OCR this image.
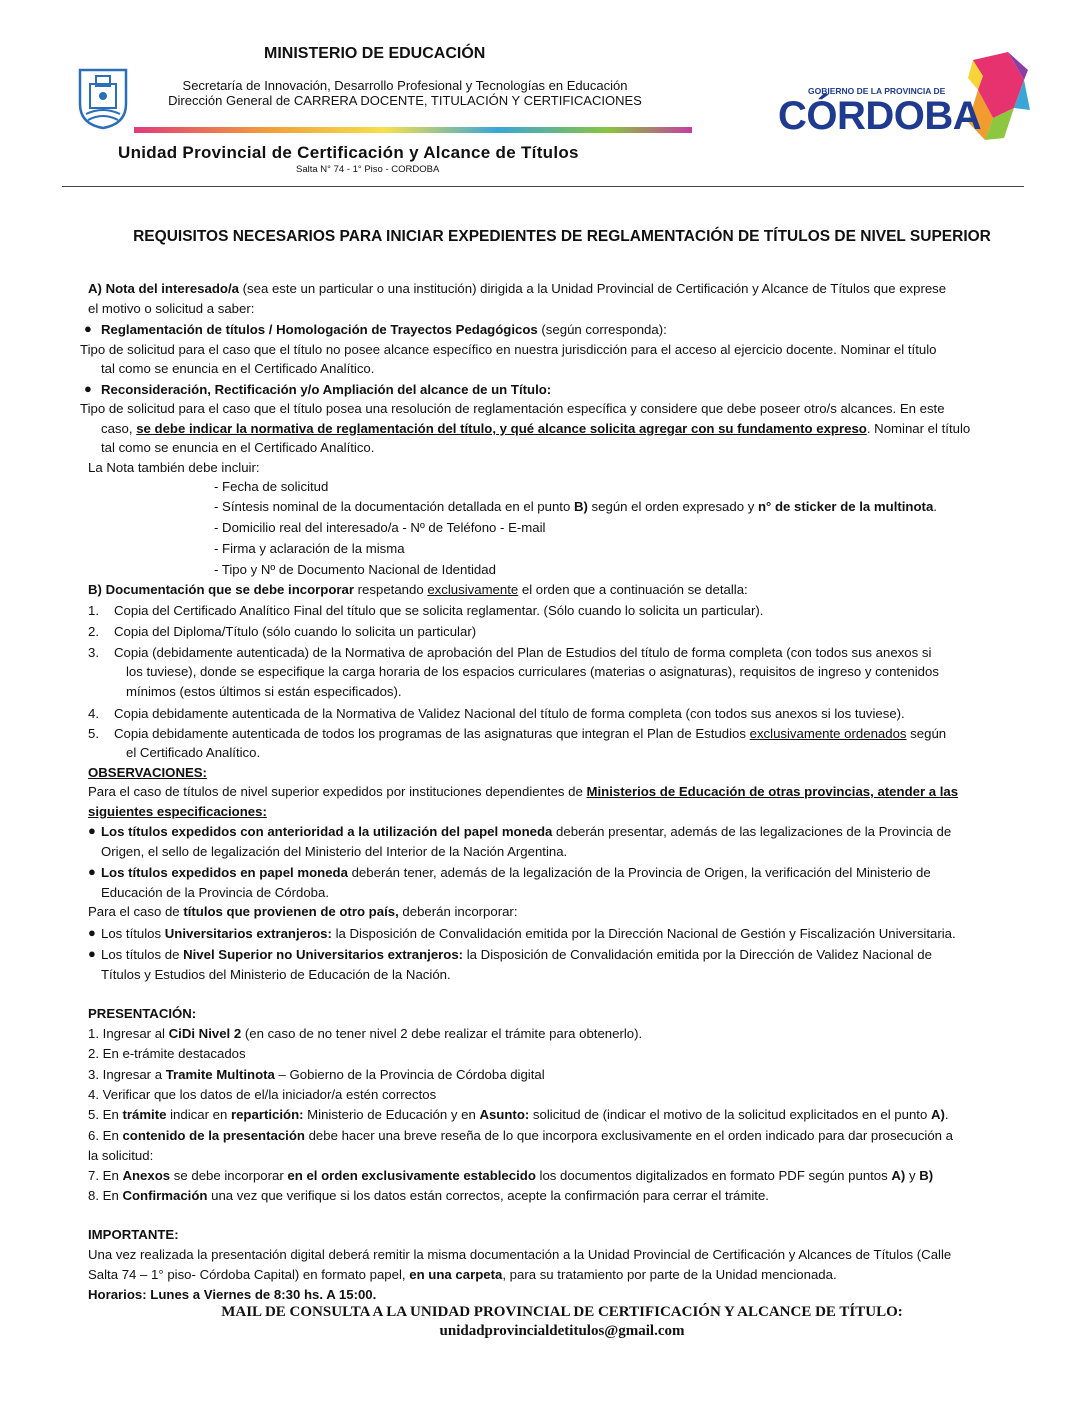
MINISTERIO DE EDUCACIÓN
Secretaría de Innovación, Desarrollo Profesional y Tecnologías en Educación
Dirección General de CARRERA DOCENTE, TITULACIÓN Y CERTIFICACIONES
Unidad Provincial de Certificación y Alcance de Títulos
Salta N° 74 - 1° Piso - CORDOBA
GOBIERNO DE LA PROVINCIA DE
CÓRDOBA
REQUISITOS NECESARIOS PARA INICIAR EXPEDIENTES DE REGLAMENTACIÓN DE TÍTULOS DE NIVEL SUPERIOR
A) Nota del interesado/a (sea este un particular o una institución) dirigida a la Unidad Provincial de Certificación y Alcance de Títulos que exprese
el motivo o solicitud a saber:
● Reglamentación de títulos / Homologación de Trayectos Pedagógicos (según corresponda):
Tipo de solicitud para el caso que el título no posee alcance específico en nuestra jurisdicción para el acceso al ejercicio docente. Nominar el título
tal como se enuncia en el Certificado Analítico.
● Reconsideración, Rectificación y/o Ampliación del alcance de un Título:
Tipo de solicitud para el caso que el título posea una resolución de reglamentación específica y considere que debe poseer otro/s alcances. En este
caso, se debe indicar la normativa de reglamentación del título, y qué alcance solicita agregar con su fundamento expreso. Nominar el título
tal como se enuncia en el Certificado Analítico.
La Nota también debe incluir:
- Fecha de solicitud
- Síntesis nominal de la documentación detallada en el punto B) según el orden expresado y n° de sticker de la multinota.
- Domicilio real del interesado/a - Nº de Teléfono - E-mail
- Firma y aclaración de la misma
- Tipo y Nº de Documento Nacional de Identidad
B) Documentación que se debe incorporar respetando exclusivamente el orden que a continuación se detalla:
1. Copia del Certificado Analítico Final del título que se solicita reglamentar. (Sólo cuando lo solicita un particular).
2. Copia del Diploma/Título (sólo cuando lo solicita un particular)
3. Copia (debidamente autenticada) de la Normativa de aprobación del Plan de Estudios del título de forma completa (con todos sus anexos si
los tuviese), donde se especifique la carga horaria de los espacios curriculares (materias o asignaturas), requisitos de ingreso y contenidos
mínimos (estos últimos si están especificados).
4. Copia debidamente autenticada de la Normativa de Validez Nacional del título de forma completa (con todos sus anexos si los tuviese).
5. Copia debidamente autenticada de todos los programas de las asignaturas que integran el Plan de Estudios exclusivamente ordenados según
el Certificado Analítico.
OBSERVACIONES:
Para el caso de títulos de nivel superior expedidos por instituciones dependientes de Ministerios de Educación de otras provincias, atender a las
siguientes especificaciones:
● Los títulos expedidos con anterioridad a la utilización del papel moneda deberán presentar, además de las legalizaciones de la Provincia de
Origen, el sello de legalización del Ministerio del Interior de la Nación Argentina.
● Los títulos expedidos en papel moneda deberán tener, además de la legalización de la Provincia de Origen, la verificación del Ministerio de
Educación de la Provincia de Córdoba.
Para el caso de títulos que provienen de otro país, deberán incorporar:
● Los títulos Universitarios extranjeros: la Disposición de Convalidación emitida por la Dirección Nacional de Gestión y Fiscalización Universitaria.
● Los títulos de Nivel Superior no Universitarios extranjeros: la Disposición de Convalidación emitida por la Dirección de Validez Nacional de
Títulos y Estudios del Ministerio de Educación de la Nación.
PRESENTACIÓN:
1. Ingresar al CiDi Nivel 2 (en caso de no tener nivel 2 debe realizar el trámite para obtenerlo).
2. En e-trámite destacados
3. Ingresar a Tramite Multinota – Gobierno de la Provincia de Córdoba digital
4. Verificar que los datos de el/la iniciador/a estén correctos
5. En trámite indicar en repartición: Ministerio de Educación y en Asunto: solicitud de (indicar el motivo de la solicitud explicitados en el punto A).
6. En contenido de la presentación debe hacer una breve reseña de lo que incorpora exclusivamente en el orden indicado para dar prosecución a
la solicitud:
7. En Anexos se debe incorporar en el orden exclusivamente establecido los documentos digitalizados en formato PDF según puntos A) y B)
8. En Confirmación una vez que verifique si los datos están correctos, acepte la confirmación para cerrar el trámite.
IMPORTANTE:
Una vez realizada la presentación digital deberá remitir la misma documentación a la Unidad Provincial de Certificación y Alcances de Títulos (Calle
Salta 74 – 1° piso- Córdoba Capital) en formato papel, en una carpeta, para su tratamiento por parte de la Unidad mencionada.
Horarios: Lunes a Viernes de 8:30 hs. A 15:00.
MAIL DE CONSULTA A LA UNIDAD PROVINCIAL DE CERTIFICACIÓN Y ALCANCE DE TÍTULO:
unidadprovincialdetitulos@gmail.com
